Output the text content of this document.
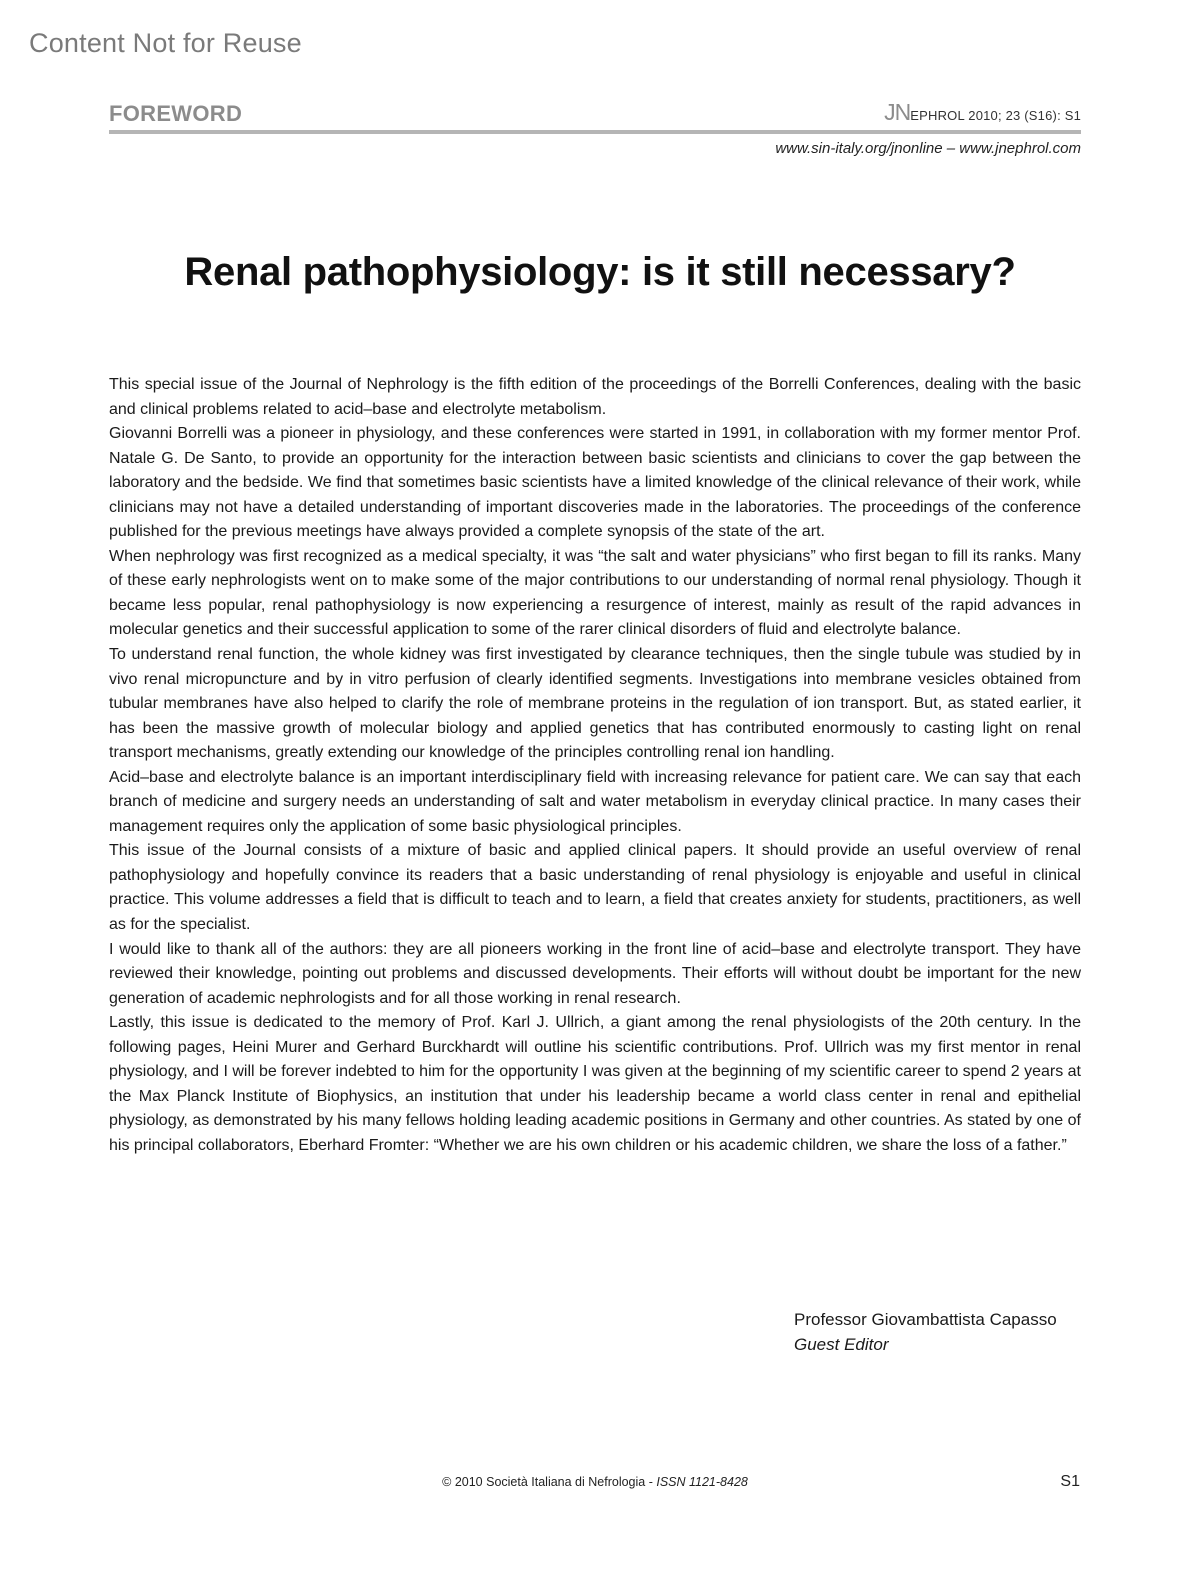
Content Not for Reuse
FOREWORD	JNEPHROL 2010; 23 (S16): S1
www.sin-italy.org/jnonline – www.jnephrol.com
Renal pathophysiology: is it still necessary?

This special issue of the Journal of Nephrology is the fifth edition of the proceedings of the Borrelli Conferences, dealing with the basic and clinical problems related to acid–base and electrolyte metabolism.

Giovanni Borrelli was a pioneer in physiology, and these conferences were started in 1991, in collaboration with my former mentor Prof. Natale G. De Santo, to provide an opportunity for the interaction between basic scientists and clinicians to cover the gap between the laboratory and the bedside. We find that sometimes basic scientists have a limited knowledge of the clinical relevance of their work, while clinicians may not have a detailed understanding of important discoveries made in the laboratories. The proceedings of the conference published for the previous meetings have always provided a complete synopsis of the state of the art.

When nephrology was first recognized as a medical specialty, it was “the salt and water physicians” who first began to fill its ranks. Many of these early nephrologists went on to make some of the major contributions to our understanding of normal renal physiology. Though it became less popular, renal pathophysiology is now experiencing a resurgence of interest, mainly as result of the rapid advances in molecular genetics and their successful application to some of the rarer clinical disorders of fluid and electrolyte balance.

To understand renal function, the whole kidney was first investigated by clearance techniques, then the single tubule was studied by in vivo renal micropuncture and by in vitro perfusion of clearly identified segments. Investigations into membrane vesicles obtained from tubular membranes have also helped to clarify the role of membrane proteins in the regulation of ion transport. But, as stated earlier, it has been the massive growth of molecular biology and applied genetics that has contributed enormously to casting light on renal transport mechanisms, greatly extending our knowledge of the principles controlling renal ion handling.

Acid–base and electrolyte balance is an important interdisciplinary field with increasing relevance for patient care. We can say that each branch of medicine and surgery needs an understanding of salt and water metabolism in everyday clinical practice. In many cases their management requires only the application of some basic physiological principles.

This issue of the Journal consists of a mixture of basic and applied clinical papers. It should provide an useful overview of renal pathophysiology and hopefully convince its readers that a basic understanding of renal physiology is enjoyable and useful in clinical practice. This volume addresses a field that is difficult to teach and to learn, a field that creates anxiety for students, practitioners, as well as for the specialist.

I would like to thank all of the authors: they are all pioneers working in the front line of acid–base and electrolyte transport. They have reviewed their knowledge, pointing out problems and discussed developments. Their efforts will without doubt be important for the new generation of academic nephrologists and for all those working in renal research.

Lastly, this issue is dedicated to the memory of Prof. Karl J. Ullrich, a giant among the renal physiologists of the 20th century. In the following pages, Heini Murer and Gerhard Burckhardt will outline his scientific contributions. Prof. Ullrich was my first mentor in renal physiology, and I will be forever indebted to him for the opportunity I was given at the beginning of my scientific career to spend 2 years at the Max Planck Institute of Biophysics, an institution that under his leadership became a world class center in renal and epithelial physiology, as demonstrated by his many fellows holding leading academic positions in Germany and other countries. As stated by one of his principal collaborators, Eberhard Fromter: “Whether we are his own children or his academic children, we share the loss of a father.”

Professor Giovambattista Capasso
Guest Editor
© 2010 Società Italiana di Nefrologia - ISSN 1121-8428	S1
